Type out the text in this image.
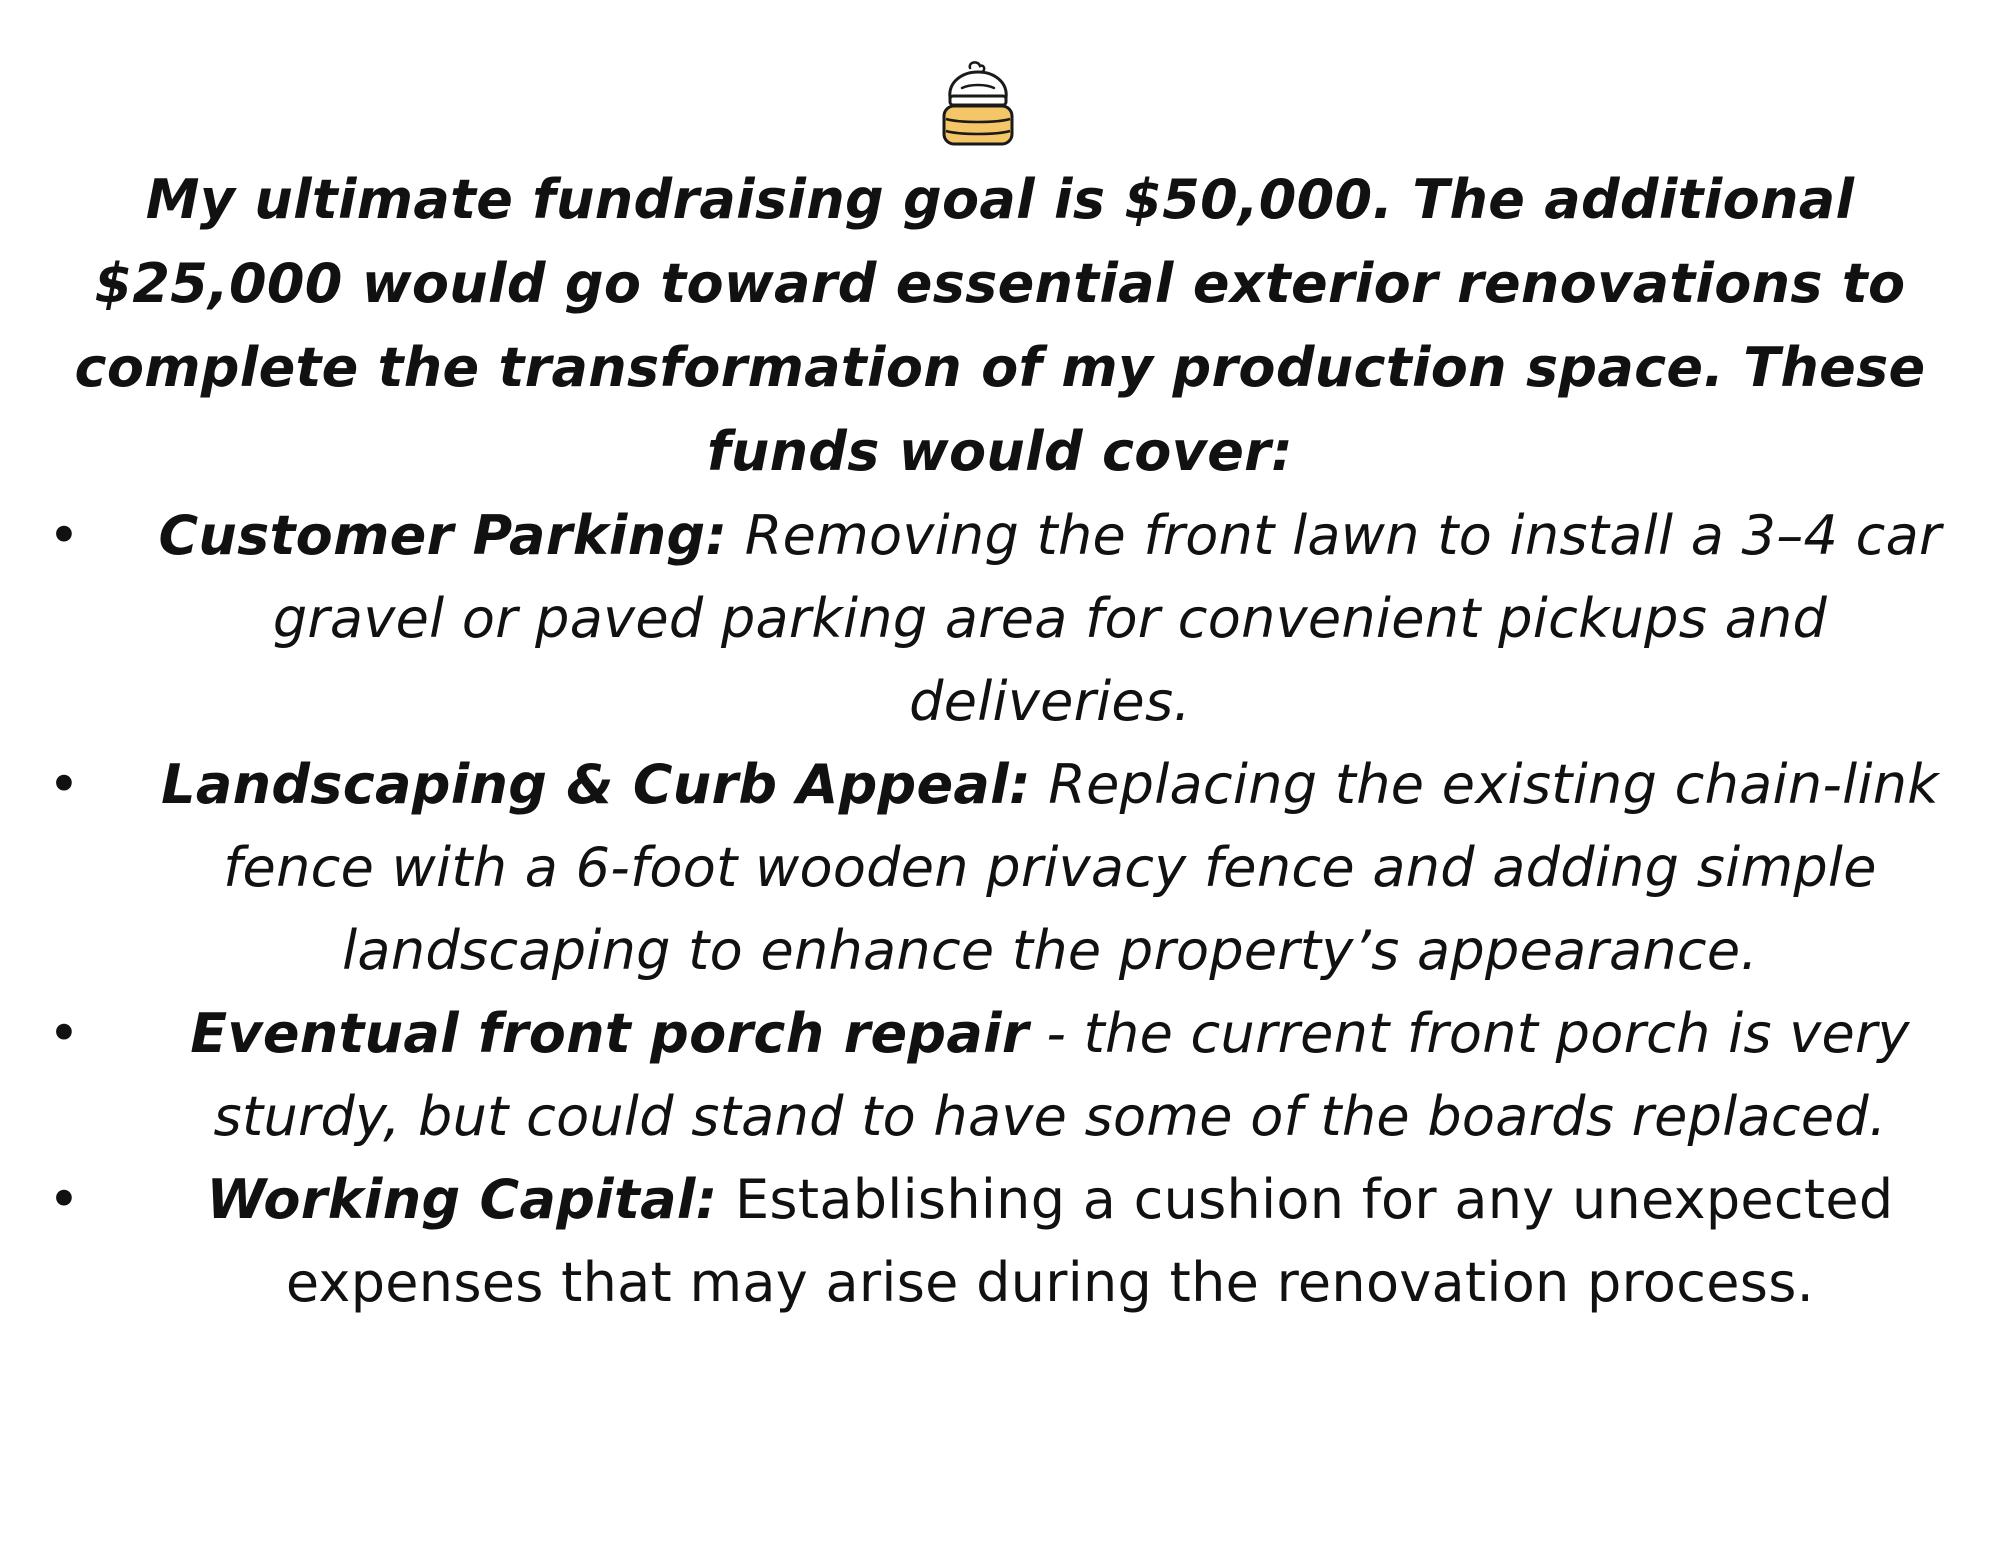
My ultimate fundraising goal is $50,000. The additional $25,000 would go toward essential exterior renovations to complete the transformation of my production space. These funds would cover:

• Customer Parking: Removing the front lawn to install a 3–4 car gravel or paved parking area for convenient pickups and deliveries.
• Landscaping & Curb Appeal: Replacing the existing chain-link fence with a 6-foot wooden privacy fence and adding simple landscaping to enhance the property’s appearance.
• Eventual front porch repair - the current front porch is very sturdy, but could stand to have some of the boards replaced.
• Working Capital: Establishing a cushion for any unexpected expenses that may arise during the renovation process.
